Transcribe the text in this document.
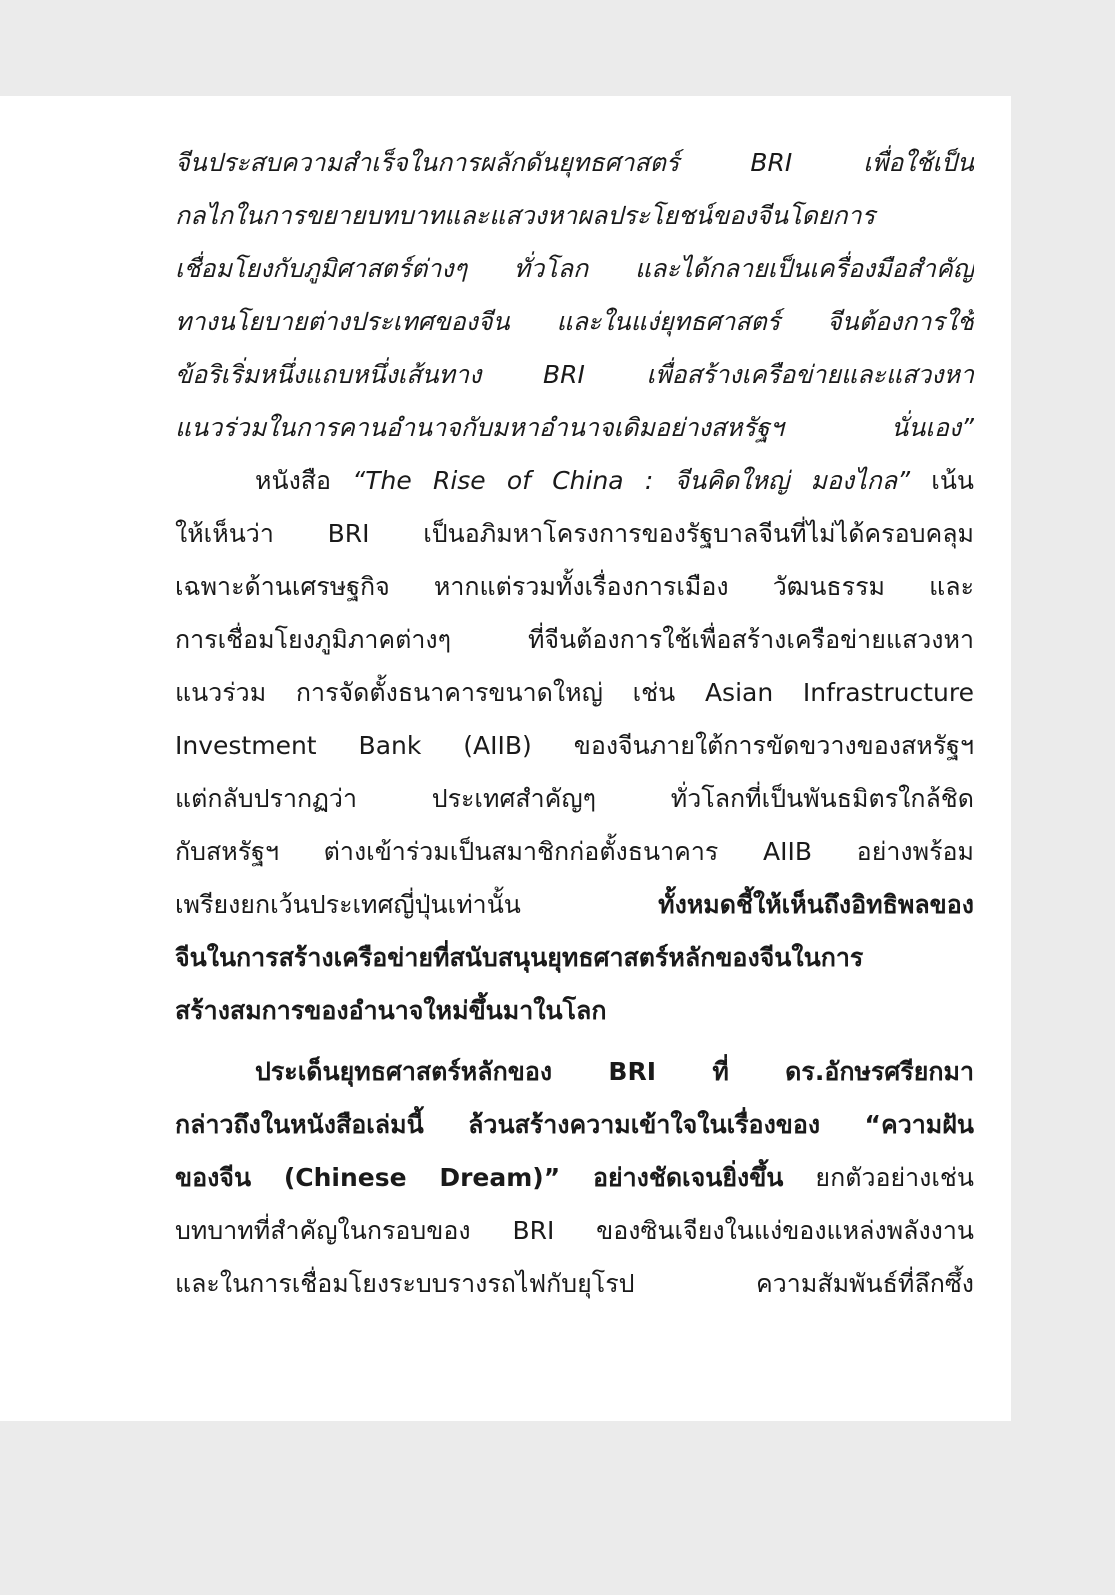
จีนประสบความสำเร็จในการผลักดันยุทธศาสตร์ BRI เพื่อใช้เป็น
กลไกในการขยายบทบาทและแสวงหาผลประโยชน์ของจีนโดยการ
เชื่อมโยงกับภูมิศาสตร์ต่างๆ ทั่วโลก และได้กลายเป็นเครื่องมือสำคัญ
ทางนโยบายต่างประเทศของจีน และในแง่ยุทธศาสตร์ จีนต้องการใช้
ข้อริเริ่มหนึ่งแถบหนึ่งเส้นทาง BRI เพื่อสร้างเครือข่ายและแสวงหา
แนวร่วมในการคานอำนาจกับมหาอำนาจเดิมอย่างสหรัฐฯ นั่นเอง”
หนังสือ “The Rise of China : จีนคิดใหญ่ มองไกล” เน้น
ให้เห็นว่า BRI เป็นอภิมหาโครงการของรัฐบาลจีนที่ไม่ได้ครอบคลุม
เฉพาะด้านเศรษฐกิจ หากแต่รวมทั้งเรื่องการเมือง วัฒนธรรม และ
การเชื่อมโยงภูมิภาคต่างๆ ที่จีนต้องการใช้เพื่อสร้างเครือข่ายแสวงหา
แนวร่วม การจัดตั้งธนาคารขนาดใหญ่ เช่น Asian Infrastructure
Investment Bank (AIIB) ของจีนภายใต้การขัดขวางของสหรัฐฯ
แต่กลับปรากฏว่า ประเทศสำคัญๆ ทั่วโลกที่เป็นพันธมิตรใกล้ชิด
กับสหรัฐฯ ต่างเข้าร่วมเป็นสมาชิกก่อตั้งธนาคาร AIIB อย่างพร้อม
เพรียงยกเว้นประเทศญี่ปุ่นเท่านั้น ทั้งหมดชี้ให้เห็นถึงอิทธิพลของ
จีนในการสร้างเครือข่ายที่สนับสนุนยุทธศาสตร์หลักของจีนในการ
สร้างสมการของอำนาจใหม่ขึ้นมาในโลก
ประเด็นยุทธศาสตร์หลักของ BRI ที่ ดร.อักษรศรียกมา
กล่าวถึงในหนังสือเล่มนี้ ล้วนสร้างความเข้าใจในเรื่องของ “ความฝัน
ของจีน (Chinese Dream)” อย่างชัดเจนยิ่งขึ้น ยกตัวอย่างเช่น
บทบาทที่สำคัญในกรอบของ BRI ของซินเจียงในแง่ของแหล่งพลังงาน
และในการเชื่อมโยงระบบรางรถไฟกับยุโรป ความสัมพันธ์ที่ลึกซึ้ง
